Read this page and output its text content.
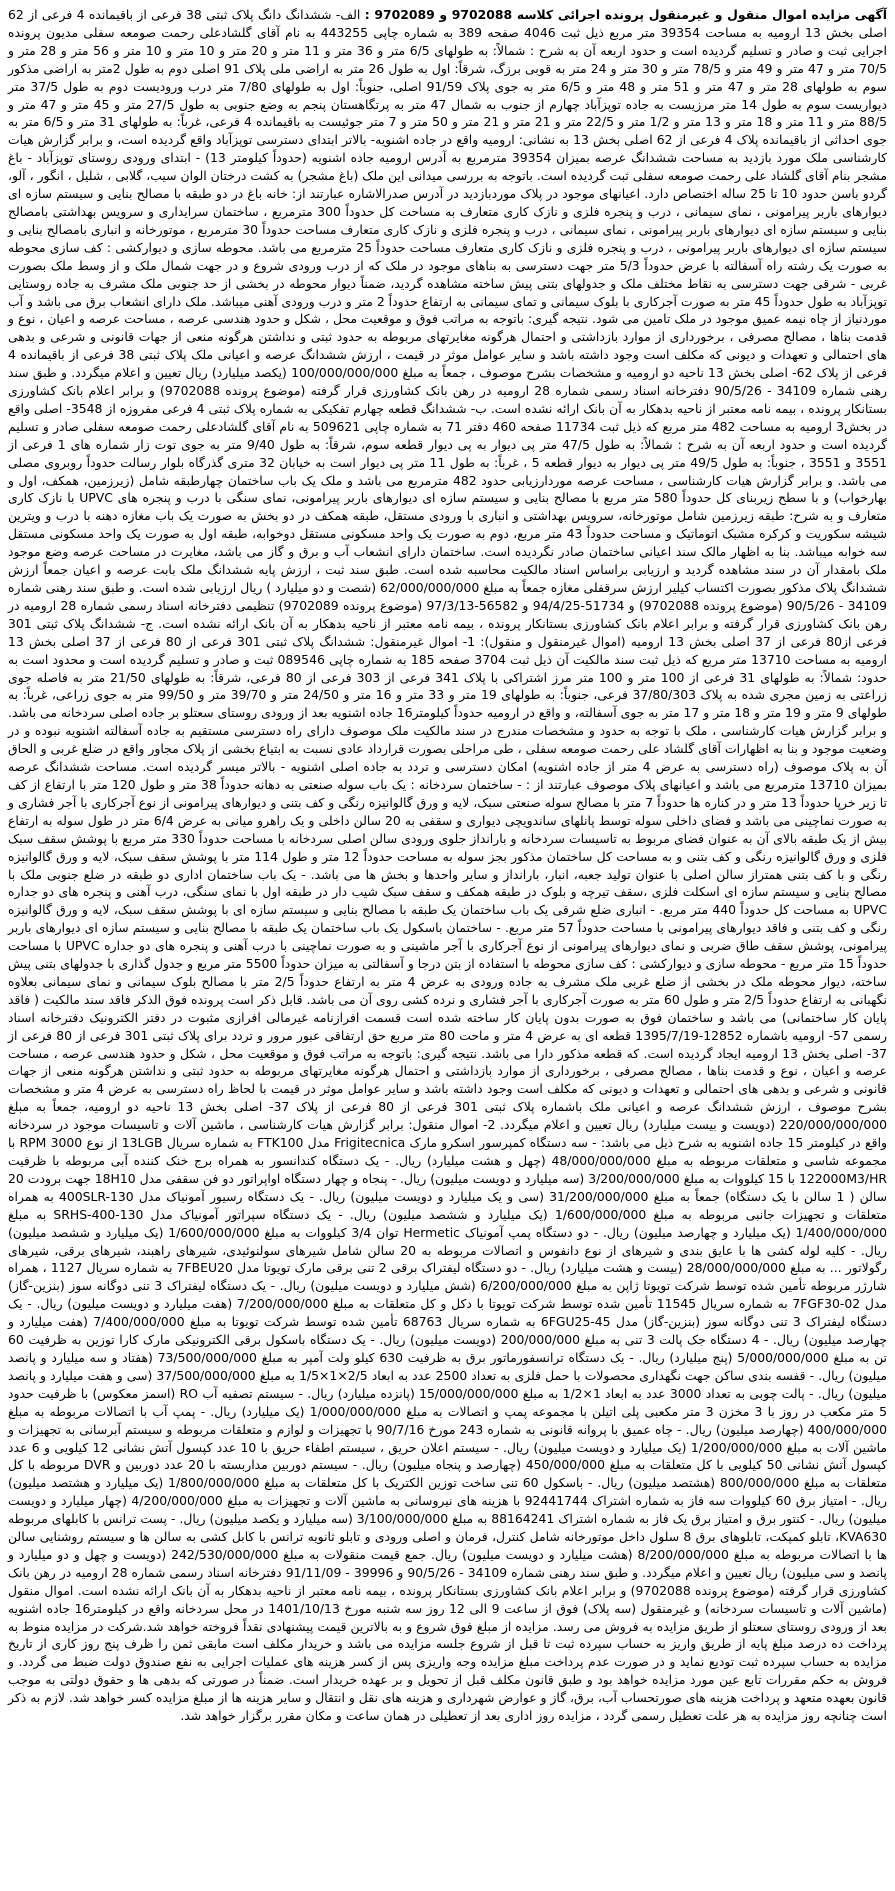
آگهی مزایده اموال منقول و غیرمنقول پرونده اجرائی کلاسه 9702088 و 9702089 : الف- ششدانگ دانگ پلاک ثبتی 38 فرعی از باقیمانده 4 فرعی از 62 اصلی بخش 13 ارومیه به مساحت 39354 متر مربع ذیل ثبت 4046 صفحه 389 به شماره چاپی 443255 به نام آقای گلشادعلی رحمت صومعه سفلی مدیون پرونده اجرایی ثبت و صادر و تسلیم گردیده است و حدود اربعه آن به شرح : شمالاً: به طولهای 6/5 متر و 36 متر و 11 متر و 20 متر و 10 متر و 10 متر و 56 متر و 28 متر و 70/5 متر و 47 متر و 49 متر و 78/5 متر و 30 متر و 24 متر به قوبی برزگ، شرقاً: اول به طول 26 متر به اراضی ملی پلاک 91 اصلی دوم به طول 2متر به اراضی مذکور سوم به طولهای 28 متر و 47 متر و 51 متر و 48 متر و 6/5 متر به جوی پلاک 91/59 اصلی، جنوباً: اول به طولهای 7/80 متر درب ورودیست دوم به طول 37/5 متر دیواریست سوم به طول 14 متر مرزیست به جاده توپزآباد چهارم از جنوب به شمال 47 متر به پرتگاهستان پنجم به وضع جنوبی به طول 27/5 متر و 45 متر و 47 متر و 88/5 متر و 11 متر و 18 متر و 13 متر و 1/2 متر و 22/5 متر و 21 متر و 21 متر و 50 متر و 7 متر جوئیست به باقیمانده 4 فرعی، غرباً: به طولهای 31 متر و 6/5 متر به جوی احداثی از باقیمانده پلاک 4 فرعی از 62 اصلی بخش 13 به نشانی: ارومیه واقع در جاده اشنویه- بالاتر ابتدای دسترسی توپزآباد واقع گردیده است، و برابر گزارش هیات کارشناسی ملک مورد بازدید به مساحت ششدانگ عرصه بمیزان 39354 مترمربع به آدرس ارومیه جاده اشنویه (حدوداً کیلومتر 13) - ابتدای ورودی روستای توپزآباد - باغ مشجر بنام آقای گلشاد علی رحمت صومعه سفلی ثبت گردیده است. باتوجه به بررسی میدانی این ملک (باغ مشجر) به کشت درختان الوان سیب، گلابی ، شلیل ، انگور ، آلو، گردو باسن حدود 10 تا 25 ساله اختصاص دارد. اعیانهای موجود در پلاک موردبازدید در آدرس صدرالاشاره عبارتند از: خانه باغ در دو طبقه با مصالح بنایی و سیستم سازه ای دیوارهای باربر پیرامونی ، نمای سیمانی ، درب و پنجره فلزی و نازک کاری متعارف به مساحت کل حدوداً 300 مترمربع ، ساختمان سرایداری و سرویس بهداشتی بامصالح بنایی و سیستم سازه ای دیوارهای باربر پیرامونی ، نمای سیمانی ، درب و پنجره فلزی و نازک کاری متعارف مساحت حدوداً 30 مترمربع ، موتورخانه و انباری بامصالح بنایی و سیستم سازه ای دیوارهای باربر پیرامونی ، درب و پنجره فلزی و نازک کاری متعارف مساحت حدوداً 25 مترمربع می باشد. محوطه سازی و دیوارکشی : کف سازی محوطه به صورت یک رشته راه آسفالته با عرض حدوداً 5/3 متر جهت دسترسی به بناهای موجود در ملک که از درب ورودی شروع و در جهت شمال ملک و از وسط ملک بصورت غربی - شرقی جهت دسترسی به نقاط مختلف ملک و جدولهای بتنی پیش ساخته مشاهده گردید، ضمناً دیوار محوطه در بخشی از حد جنوبی ملک مشرف به جاده روستایی توپزآباد به طول حدوداً 45 متر به صورت آجرکاری با بلوک سیمانی و تمای سیمانی به ارتفاع حدوداً 2 متر و درب ورودی آهنی میباشد. ملک دارای انشعاب برق می باشد و آب موردنیاز از چاه نیمه عمیق موجود در ملک تامین می شود. نتیجه گیری: باتوجه به مراتب فوق و موقعیت محل ، شکل و حدود هندسی عرصه ، مساحت عرصه و اعیان ، نوع و قدمت بناها ، مصالح مصرفی ، برخورداری از موارد بازداشتی و احتمال هرگونه مغایرتهای مربوطه به حدود ثبتی و نداشتن هرگونه منعی از جهات قانونی و شرعی و بدهی های احتمالی و تعهدات و دیونی که مکلف است وجود داشته باشد و سایر عوامل موثر در قیمت ، ارزش ششدانگ عرصه و اعیانی ملک پلاک ثبتی 38 فرعی از باقیمانده 4 فرعی از پلاک 62- اصلی بخش 13 ناحیه دو ارومیه و مشخصات بشرح موصوف ، جمعاً به مبلغ 100/000/000/000 (یکصد میلیارد) ریال تعیین و اعلام میگردد. و طبق سند رهنی شماره 34109 - 90/5/26 دفترخانه اسناد رسمی شماره 28 ارومیه در رهن بانک کشاورزی قرار گرفته (موضوع پرونده 9702088) و برابر اعلام بانک کشاورزی بستانکار پرونده ، بیمه نامه معتبر از ناحیه بدهکار به آن بانک ارائه نشده است. ب- ششدانگ قطعه چهارم تفکیکی به شماره پلاک ثبتی 4 فرعی مفروزه از 3548- اصلی واقع در بخش3 ارومیه به مساحت 482 متر مربع که ذیل ثبت 11734 صفحه 460 دفتر 71 به شماره چاپی 509621 به نام آقای گلشادعلی رحمت صومعه سفلی صادر و تسلیم گردیده است و حدود اربعه آن به شرح : شمالاً: به طول 47/5 متر پی دیوار به پی دیوار قطعه سوم، شرقاً: به طول 9/40 متر به جوی توت زار شماره های 1 فرعی از 3551 و 3551 ، جنوباً: به طول 49/5 متر پی دیوار به دیوار قطعه 5 ، غرباً: به طول 11 متر پی دیوار است به خیابان 32 متری گذرگاه بلوار رسالت حدوداً روبروی مصلی می باشد. و برابر گزارش هیات کارشناسی ، مساحت عرصه موردارزیابی حدود 482 مترمربع می باشد و ملک یک باب ساختمان چهارطبقه شامل (زیرزمین، همکف، اول و بهارخواب) و با سطح زیربنای کل حدوداً 580 متر مربع با مصالح بنایی و سیستم سازه ای دیوارهای باربر پیرامونی، نمای سنگی با درب و پنجره های UPVC با نازک کاری متعارف و به شرح: طبقه زیرزمین شامل موتورخانه، سرویس بهداشتی و انباری با ورودی مستقل، طبقه همکف در دو بخش به صورت یک باب مغازه دهنه با درب و ویترین شیشه سکوریت و کرکره مشبک اتوماتیک و مساحت حدوداً 43 متر مربع، دوم به صورت یک واحد مسکونی مستقل دوخوابه، طبقه اول به صورت یک واحد مسکونی مستقل سه خوابه میباشد. بنا به اظهار مالک سند اعیانی ساختمان صادر نگردیده است. ساختمان دارای انشعاب آب و برق و گاز می باشد، مغایرت در مساحت عرصه وضع موجود ملک بامقدار آن در سند مشاهده گردید و ارزیابی براساس اسناد مالکیت محاسبه شده است. طبق سند ثبت ، ارزش پایه ششدانگ ملک بابت عرصه و اعیان جمعاً ارزش ششدانگ پلاک مذکور بصورت اکتساب کیلیر ارزش سرقفلی مغازه جمعاً به مبلغ 62/000/000/000 (شصت و دو میلیارد ) ریال ارزیابی شده است. و طبق سند رهنی شماره 34109 - 90/5/26 (موضوع پرونده 9702088) و 51734-94/4/25 و 56582-97/3/13 (موضوع پرونده 9702089) تنظیمی دفترخانه اسناد رسمی شماره 28 ارومیه در رهن بانک کشاورزی قرار گرفته و برابر اعلام بانک کشاورزی بستانکار پرونده ، بیمه نامه معتبر از ناحیه بدهکار به آن بانک ارائه نشده است. ج- ششدانگ پلاک ثبتی 301 فرعی از80 فرعی از 37 اصلی بخش 13 ارومیه (اموال غیرمنقول و منقول): 1- اموال غیرمنقول: ششدانگ پلاک ثبتی 301 فرعی از 80 فرعی از 37 اصلی بخش 13 ارومیه به مساحت 13710 متر مربع که ذیل ثبت سند مالکیت آن ذیل ثبت 3704 صفحه 185 به شماره چاپی 089546 ثبت و صادر و تسلیم گردیده است و محدود است به حدود: شمالاً: به طولهای 31 فرعی از 100 متر و 100 متر مرز اشتراکی با پلاک 341 فرعی از 303 فرعی از 80 فرعی، شرقاً: به طولهای 21/50 متر به فاصله جوی زراعتی به زمین مجری شده به پلاک 37/80/303 فرعی، جنوباً: به طولهای 19 متر و 33 متر و 16 متر و 24/50 متر و 39/70 متر و 99/50 متر به جوی زراعی، غرباً: به طولهای 9 متر و 19 متر و 18 متر و 17 متر به جوی آسفالته، و واقع در ارومیه حدوداً کیلومتر16 جاده اشنویه بعد از ورودی روستای سعتلو بر جاده اصلی سردخانه می باشد. و برابر گزارش هیات کارشناسی ، ملک با توجه به حدود و مشخصات مندرج در سند مالکیت ملک موصوف دارای راه دسترسی مستقیم به جاده آسفالته اشنویه نبوده و در وضعیت موجود و بنا به اظهارات آقای گلشاد علی رحمت صومعه سفلی ، طی مراحلی بصورت قرارداد عادی نسبت به ابتیاع بخشی از پلاک مجاور واقع در ضلع غربی و الحاق آن به پلاک موصوف (راه دسترسی به عرض 4 متر از جاده اشنویه) امکان دسترسی و تردد به جاده اصلی اشنویه - بالاتر میسر گردیده است. مساحت ششدانگ عرصه بمیزان 13710 مترمربع می باشد و اعیانهای پلاک موصوف عبارتند از : - ساختمان سردخانه : یک باب سوله صنعتی به دهانه حدوداً 38 متر و طول 120 متر با ارتفاع از کف تا زیر خرپا حدوداً 13 متر و در کناره ها حدوداً 7 متر با مصالح سوله صنعتی سبک، لایه و ورق گالوانیزه رنگی و کف بتنی و دیوارهای پیرامونی از نوع آجرکاری با آجر فشاری و به صورت نماچینی می باشد و فضای داخلی سوله توسط پانلهای ساندویچی دیواری و سقفی به 20 سالن داخلی و یک راهرو میانی به عرض 6/4 متر در طول سوله به ارتفاع بیش از یک طبقه بالای آن به عنوان فضای مربوط به تاسیسات سردخانه و بارانداز جلوی ورودی سالن اصلی سردخانه با مساحت حدوداً 330 متر مربع با پوشش سقف سبک فلزی و ورق گالوانیزه رنگی و کف بتنی و به مساحت کل ساختمان مذکور بجز سوله به مساحت حدوداً 12 متر و طول 114 متر با پوشش سقف سبک، لایه و ورق گالوانیزه رنگی و با کف بتنی همتراز سالن اصلی با عنوان تولید جعبه، انبار، بارانداز و سایر واحدها و بخش ها می باشد. - یک باب ساختمان اداری دو طبقه در ضلع جنوبی ملک با مصالح بنایی و سیستم سازه ای اسکلت فلزی ،سقف تیرچه و بلوک در طبقه همکف و سقف سبک شیب دار در طبقه اول با نمای سنگی، درب آهنی و پنجره های دو جداره UPVC به مساحت کل حدوداً 440 متر مربع. - انباری ضلع شرقی یک باب ساختمان یک طبقه با مصالح بنایی و سیستم سازه ای با پوشش سقف سبک، لایه و ورق گالوانیزه رنگی و کف بتنی و فاقد دیوارهای پیرامونی با مساحت حدوداً 57 متر مربع. - ساختمان باسکول یک باب ساختمان یک طبقه با مصالح بنایی و سیستم سازه ای دیوارهای باربر پیرامونی، پوشش سقف طاق ضربی و نمای دیوارهای پیرامونی از نوع آجرکاری با آجر ماشینی و به صورت نماچینی با درب آهنی و پنجره های دو جداره UPVC با مساحت حدوداً 15 متر مربع - محوطه سازی و دیوارکشی : کف سازی محوطه با استفاده از بتن درجا و آسفالتی به میزان حدوداً 5500 متر مربع و جدول گذاری با جدولهای بتنی پیش ساخته، دیوار محوطه ملک در بخشی از ضلع غربی ملک مشرف به جاده ورودی به عرض 4 متر به ارتفاع حدوداً 2/5 متر با مصالح بلوک سیمانی و نمای سیمانی بعلاوه نگهبانی به ارتفاع حدوداً 2/5 متر و طول 60 متر به صورت آجرکاری با آجر فشاری و نرده کشی روی آن می باشد. قابل ذکر است پرونده فوق الذکر فاقد سند مالکیت ( فاقد پایان کار ساختمانی) می باشد و ساختمان فوق به صورت بدون پایان کار ساخته شده است قسمت افرازنامه غیرمالی افرازی مثبوت در دفتر الکترونیک دفترخانه اسناد رسمی 57- ارومیه باشماره 12852-1395/7/19 قطعه ای به عرض 4 متر و ماحت 80 متر مربع حق ارتفاقی عبور مرور و تردد برای پلاک ثبتی 301 فرعی از 80 فرعی از 37- اصلی بخش 13 ارومیه ایجاد گردیده است. که قطعه مذکور دارا می باشد. نتیجه گیری: باتوجه به مراتب فوق و موقعیت محل ، شکل و حدود هندسی عرصه ، مساحت عرصه و اعیان ، نوع و قدمت بناها ، مصالح مصرفی ، برخورداری از موارد بازداشتی و احتمال هرگونه مغایرتهای مربوطه به حدود ثبتی و نداشتن هرگونه منعی از جهات قانونی و شرعی و بدهی های احتمالی و تعهدات و دیونی که مکلف است وجود داشته باشد و سایر عوامل موثر در قیمت با لحاظ راه دسترسی به عرض 4 متر و مشخصات بشرح موصوف ، ارزش ششدانگ عرصه و اعیانی ملک باشماره پلاک ثبتی 301 فرعی از 80 فرعی از پلاک 37- اصلی بخش 13 ناحیه دو ارومیه، جمعاً به مبلغ 220/000/000/000 (دویست و بیست میلیارد) ریال تعیین و اعلام میگردد. 2- اموال منقول: برابر گزارش هیات کارشناسی ، ماشین آلات و تاسیسات موجود در سردخانه واقع در کیلومتر 15 جاده اشنویه به شرح ذیل می باشد: - سه دستگاه کمپرسور اسکرو مارک Frigitecnica مدل FTK100 به شماره سریال 13LGB از نوع RPM 3000 با مجموعه شاسی و متعلقات مربوطه به مبلغ 48/000/000/000 (چهل و هشت میلیارد) ریال. - یک دستگاه کندانسور به همراه برج خنک کننده آبی مربوطه با ظرفیت 122000M3/HR با 15 کیلووات به مبلغ 3/200/000/000 (سه میلیارد و دویست میلیون) ریال. - پنجاه و چهار دستگاه اواپراتور دو فن سقفی مدل 18H10 جهت برودت 20 سالن ( 1 سالن با یک دستگاه) جمعاً به مبلغ 31/200/000/000 (سی و یک میلیارد و دویست میلیون) ریال. - یک دستگاه رسیور آمونیاک مدل 400SLR-130 به همراه متعلقات و تجهیزات جانبی مربوطه به مبلغ 1/600/000/000 (یک میلیارد و ششصد میلیون) ریال. - یک دستگاه سپراتور آمونیاک مدل 130-400-SRHS به مبلغ 1/400/000/000 (یک میلیارد و چهارصد میلیون) ریال. - دو دستگاه پمپ آمونیاک Hermetic توان 3/4 کیلووات به مبلغ 1/600/000/000 (یک میلیارد و ششصد میلیون) ریال. - کلیه لوله کشی ها با عایق بندی و شیرهای از نوع دانفوس و اتصالات مربوطه به 20 سالن شامل شیرهای سولنوئیدی، شیرهای راهبند، شیرهای برقی، شیرهای رگولاتور ... به مبلغ 28/000/000/000 (بیست و هشت میلیارد) ریال. - دو دستگاه لیفتراک برقی 2 تنی برقی مارک تویوتا مدل 7FBEU20 به شماره سریال 1127 ، همراه شارژر مربوطه تأمین شده توسط شرکت تویوتا ژاپن به مبلغ 6/200/000/000 (شش میلیارد و دویست میلیون) ریال. - یک دستگاه لیفتراک 3 تنی دوگانه سوز (بنزین-گاز) مدل 7FGF30-02 به شماره سریال 11545 تأمین شده توسط شرکت تویوتا با دکل و کل متعلقات به مبلغ 7/200/000/000 (هفت میلیارد و دویست میلیون) ریال. - یک دستگاه لیفتراک 3 تنی دوگانه سوز (بنزین-گاز) مدل 6FGU25-45 به شماره سریال 68763 تأمین شده توسط شرکت تویوتا به مبلغ 7/400/000/000 (هفت میلیارد و چهارصد میلیون) ریال. - 4 دستگاه جک پالت 3 تنی به مبلغ 200/000/000 (دویست میلیون) ریال. - یک دستگاه باسکول برقی الکترونیکی مارک کارا توزین به ظرفیت 60 تن به مبلغ 5/000/000/000 (پنج میلیارد) ریال. - یک دستگاه ترانسفورماتور برق به ظرفیت 630 کیلو ولت آمپر به مبلغ 73/500/000/000 (هفتاد و سه میلیارد و پانصد میلیون) ریال. - قفسه بندی ساکن جهت نگهداری محصولات با حمل فلزی به تعداد 2500 عدد به ابعاد 2/5×1×1/5 به مبلغ 37/500/000/000 (سی و هفت میلیارد و پانصد میلیون) ریال. - پالت چوبی به تعداد 3000 عدد به ابعاد 1×1/2 به مبلغ 15/000/000/000 (پانزده میلیارد) ریال. - سیستم تصفیه آب RO (اسمز معکوس) با ظرفیت حدود 5 متر مکعب در روز با 3 مخزن 3 متر مکعبی پلی اتیلن با مجموعه پمپ و اتصالات به مبلغ 1/000/000/000 (یک میلیارد) ریال. - پمپ آب با اتصالات مربوطه به مبلغ 400/000/000 (چهارصد میلیون) ریال. - چاه عمیق با پروانه قانونی به شماره 243 مورخ 90/7/16 با تجهیزات و لوازم و متعلقات مربوطه و سیستم آبرسانی به تجهیزات و ماشین آلات به مبلغ 1/200/000/000 (یک میلیارد و دویست میلیون) ریال. - سیستم اعلان حریق ، سیستم اطفاء حریق با 10 عدد کپسول آتش نشانی 12 کیلویی و 6 عدد کپسول آتش نشانی 50 کیلویی با کل متعلقات به مبلغ 450/000/000 (چهارصد و پنجاه میلیون) ریال. - سیستم دوربین مداربسته با 20 عدد دوربین و DVR مربوطه با کل متعلقات به مبلغ 800/000/000 (هشتصد میلیون) ریال. - باسکول 60 تنی ساخت توزین الکتریک با کل متعلقات به مبلغ 1/800/000/000 (یک میلیارد و هشتصد میلیون) ریال. - امتیاز برق 60 کیلووات سه فاز به شماره اشتراک 92441744 با هزینه های نیروسانی به ماشین آلات و تجهیزات به مبلغ 4/200/000/000 (چهار میلیارد و دویست میلیون) ریال. - کنتور برق و امتیاز برق یک فاز به شماره اشتراک 88164241 به مبلغ 3/100/000/000 (سه میلیارد و یکصد میلیون) ریال. - پست ترانس با کابلهای مربوطه KVA630، تابلو کمپکت، تابلوهای برق 8 سلول داخل موتورخانه شامل کنترل، فرمان و اصلی ورودی و تابلو ثانویه ترانس با کابل کشی به سالن ها و سیستم روشنایی سالن ها با اتصالات مربوطه به مبلغ 8/200/000/000 (هشت میلیارد و دویست میلیون) ریال. جمع قیمت منقولات به مبلغ 242/530/000/000 (دویست و چهل و دو میلیارد و پانصد و سی میلیون) ریال تعیین و اعلام میگردد. و طبق سند رهنی شماره 34109 - 90/5/26 و 39996 - 91/11/09 دفترخانه اسناد رسمی شماره 28 ارومیه در رهن بانک کشاورزی قرار گرفته (موضوع پرونده 9702088) و برابر اعلام بانک کشاورزی بستانکار پرونده ، بیمه نامه معتبر از ناحیه بدهکار به آن بانک ارائه نشده است. اموال منقول (ماشین آلات و تاسیسات سردخانه) و غیرمنقول (سه پلاک) فوق از ساعت 9 الی 12 روز سه شنبه مورخ 1401/10/13 در محل سردخانه واقع در کیلومتر16 جاده اشنویه بعد از ورودی روستای سعتلو از طریق مزایده به فروش می رسد. مزایده از مبلغ فوق شروع و به بالاترین قیمت پیشنهادی نقداً فروخته خواهد شد.شرکت در مزایده منوط به پرداخت ده درصد مبلغ پایه از طریق واریز به حساب سپرده ثبت تا قبل از شروع جلسه مزایده می باشد و خریدار مکلف است مابقی ثمن را ظرف پنج روز کاری از تاریخ مزایده به حساب سپرده ثبت تودیع نماید و در صورت عدم پرداخت مبلغ مزایده وجه واریزی پس از کسر هزینه های عملیات اجرایی به نفع صندوق دولت ضبط می گردد. و فروش به حکم مقررات تابع عین مورد مزایده خواهد بود و طبق قانون مکلف قبل از تحویل و بر عهده خریدار است. ضمناً در صورتی که بدهی ها و حقوق دولتی به موجب قانون بعهده متعهد و پرداخت هزینه های صورتحساب آب، برق، گاز و عوارض شهرداری و هزینه های نقل و انتقال و سایر هزینه ها از مبلغ مزایده کسر خواهد شد. لازم به ذکر است چنانچه روز مزایده به هر علت تعطیل رسمی گردد ، مزایده روز اداری بعد از تعطیلی در همان ساعت و مکان مقرر برگزار خواهد شد.
